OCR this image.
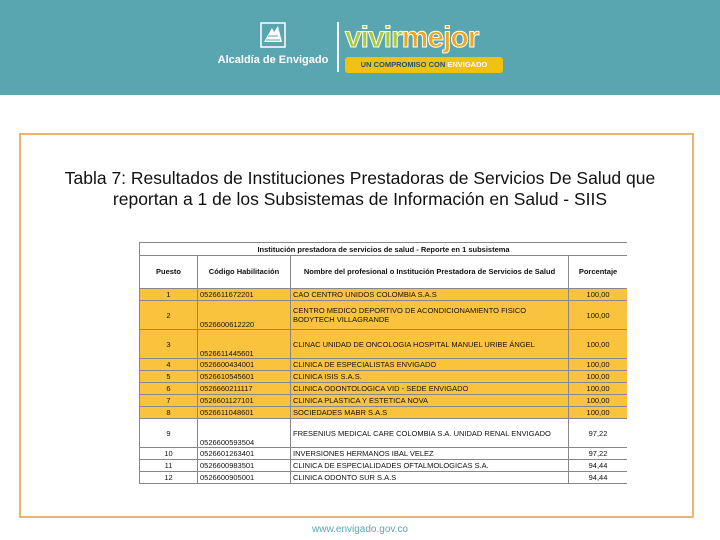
Alcaldía de Envigado
vivirmejor
UN COMPROMISO CON ENVIGADO
Tabla 7: Resultados de Instituciones Prestadoras de Servicios De Salud que reportan a 1 de los Subsistemas de Información en Salud - SIIS
Institución prestadora de servicios de salud - Reporte en 1 subsistema			
Puesto	Código Habilitación	Nombre del profesional o Institución Prestadora de Servicios de Salud	Porcentaje
1	0526611672201	CAO CENTRO UNIDOS COLOMBIA S.A.S	100,00
2	0526600612220	CENTRO MEDICO DEPORTIVO DE ACONDICIONAMIENTO FISICO BODYTECH VILLAGRANDE	100,00
3	0526611445601	CLINAC UNIDAD DE ONCOLOGIA HOSPITAL MANUEL URIBE ÁNGEL	100,00
4	0526600434001	CLINICA DE ESPECIALISTAS ENVIGADO	100,00
5	0526610545601	CLINICA ISIS S.A.S.	100,00
6	0526660211117	CLINICA ODONTOLOGICA VID - SEDE ENVIGADO	100,00
7	0526601127101	CLINICA PLASTICA Y ESTETICA NOVA	100,00
8	0526611048601	SOCIEDADES MABR S.A.S	100,00
9	0526600593504	FRESENIUS MEDICAL CARE COLOMBIA S.A. UNIDAD RENAL ENVIGADO	97,22
10	0526601263401	INVERSIONES HERMANOS IBAL VELEZ	97,22
11	0526600983501	CLINICA DE ESPECIALIDADES OFTALMOLOGICAS S.A.	94,44
12	0526600905001	CLINICA ODONTO SUR S.A.S	94,44
www.envigado.gov.co
